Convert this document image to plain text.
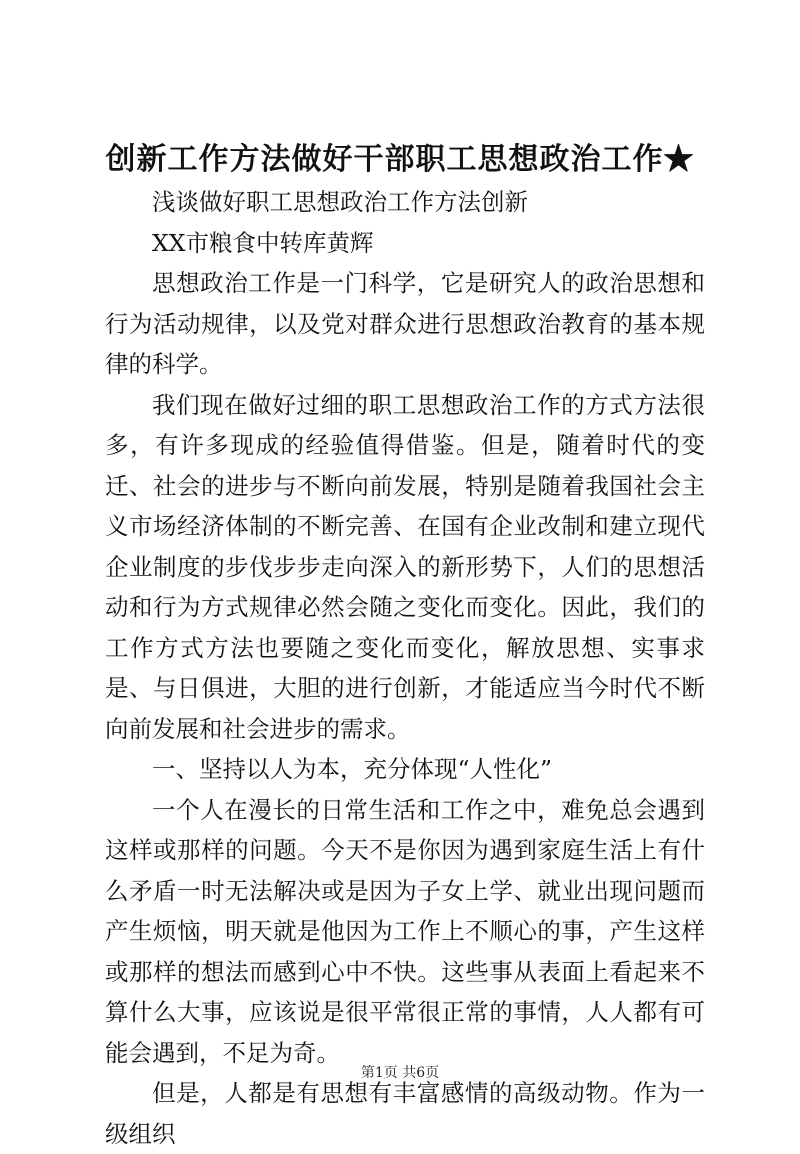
创新工作方法做好干部职工思想政治工作★

浅谈做好职工思想政治工作方法创新

XX市粮食中转库黄辉

思想政治工作是一门科学，它是研究人的政治思想和行为活动规律，以及党对群众进行思想政治教育的基本规律的科学。

我们现在做好过细的职工思想政治工作的方式方法很多，有许多现成的经验值得借鉴。但是，随着时代的变迁、社会的进步与不断向前发展，特别是随着我国社会主义市场经济体制的不断完善、在国有企业改制和建立现代企业制度的步伐步步走向深入的新形势下，人们的思想活动和行为方式规律必然会随之变化而变化。因此，我们的工作方式方法也要随之变化而变化，解放思想、实事求是、与日俱进，大胆的进行创新，才能适应当今时代不断向前发展和社会进步的需求。

一、坚持以人为本，充分体现“人性化”

一个人在漫长的日常生活和工作之中，难免总会遇到这样或那样的问题。今天不是你因为遇到家庭生活上有什么矛盾一时无法解决或是因为子女上学、就业出现问题而产生烦恼，明天就是他因为工作上不顺心的事，产生这样或那样的想法而感到心中不快。这些事从表面上看起来不算什么大事，应该说是很平常很正常的事情，人人都有可能会遇到，不足为奇。

但是，人都是有思想有丰富感情的高级动物。作为一级组织

第1页 共6页
